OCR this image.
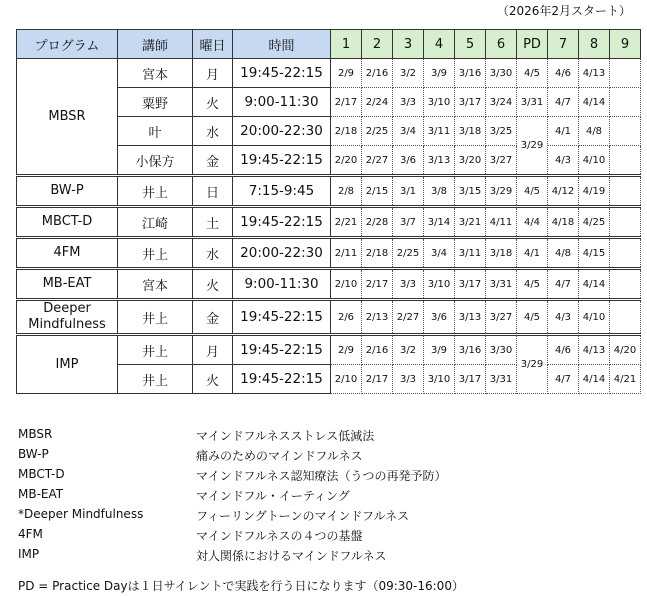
（2026年2月スタート）
プログラム	講師	曜日	時間	1	2	3	4	5	6	PD	7	8	9
MBSR	宮本	月	19:45-22:15	2/9	2/16	3/2	3/9	3/16	3/30	4/5	4/6	4/13	
	粟野	火	9:00-11:30	2/17	2/24	3/3	3/10	3/17	3/24	3/31	4/7	4/14	
	叶	水	20:00-22:30	2/18	2/25	3/4	3/11	3/18	3/25	3/29	4/1	4/8	
	小保方	金	19:45-22:15	2/20	2/27	3/6	3/13	3/20	3/27		4/3	4/10	
BW-P	井上	日	7:15-9:45	2/8	2/15	3/1	3/8	3/15	3/29	4/5	4/12	4/19	
MBCT-D	江崎	土	19:45-22:15	2/21	2/28	3/7	3/14	3/21	4/11	4/4	4/18	4/25	
4FM	井上	水	20:00-22:30	2/11	2/18	2/25	3/4	3/11	3/18	4/1	4/8	4/15	
MB-EAT	宮本	火	9:00-11:30	2/10	2/17	3/3	3/10	3/17	3/31	4/5	4/7	4/14	
Deeper Mindfulness	井上	金	19:45-22:15	2/6	2/13	2/27	3/6	3/13	3/27	4/5	4/3	4/10	
IMP	井上	月	19:45-22:15	2/9	2/16	3/2	3/9	3/16	3/30	3/29	4/6	4/13	4/20
	井上	火	19:45-22:15	2/10	2/17	3/3	3/10	3/17	3/31		4/7	4/14	4/21
MBSR	マインドフルネスストレス低減法
BW-P	痛みのためのマインドフルネス
MBCT-D	マインドフルネス認知療法（うつの再発予防）
MB-EAT	マインドフル・イーティング
*Deeper Mindfulness	フィーリングトーンのマインドフルネス
4FM	マインドフルネスの４つの基盤
IMP	対人関係におけるマインドフルネス
PD = Practice Dayは１日サイレントで実践を行う日になります（09:30-16:00）
